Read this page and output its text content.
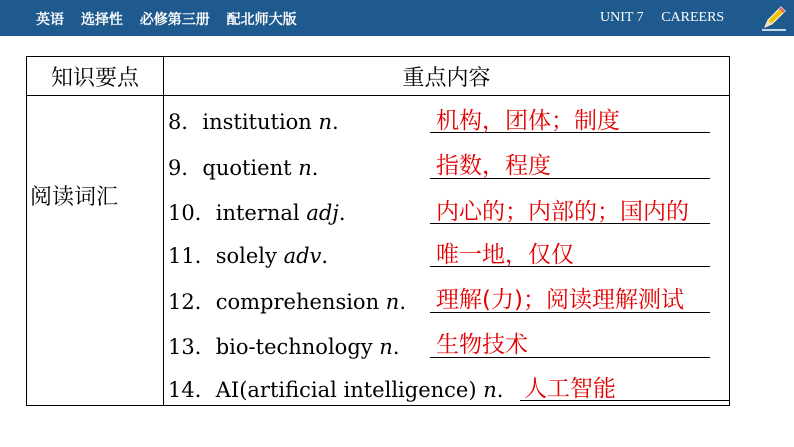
英语 选择性 必修第三册 配北师大版	UNIT 7 CAREERS
知识要点	重点内容
阅读词汇
8．institution n.	机构，团体；制度
9．quotient n.	指数，程度
10．internal adj.	内心的；内部的；国内的
11．solely adv.	唯一地，仅仅
12．comprehension n. 理解(力)；阅读理解测试
13．bio-technology n. 生物技术
14．AI(artificial intelligence) n. 人工智能
